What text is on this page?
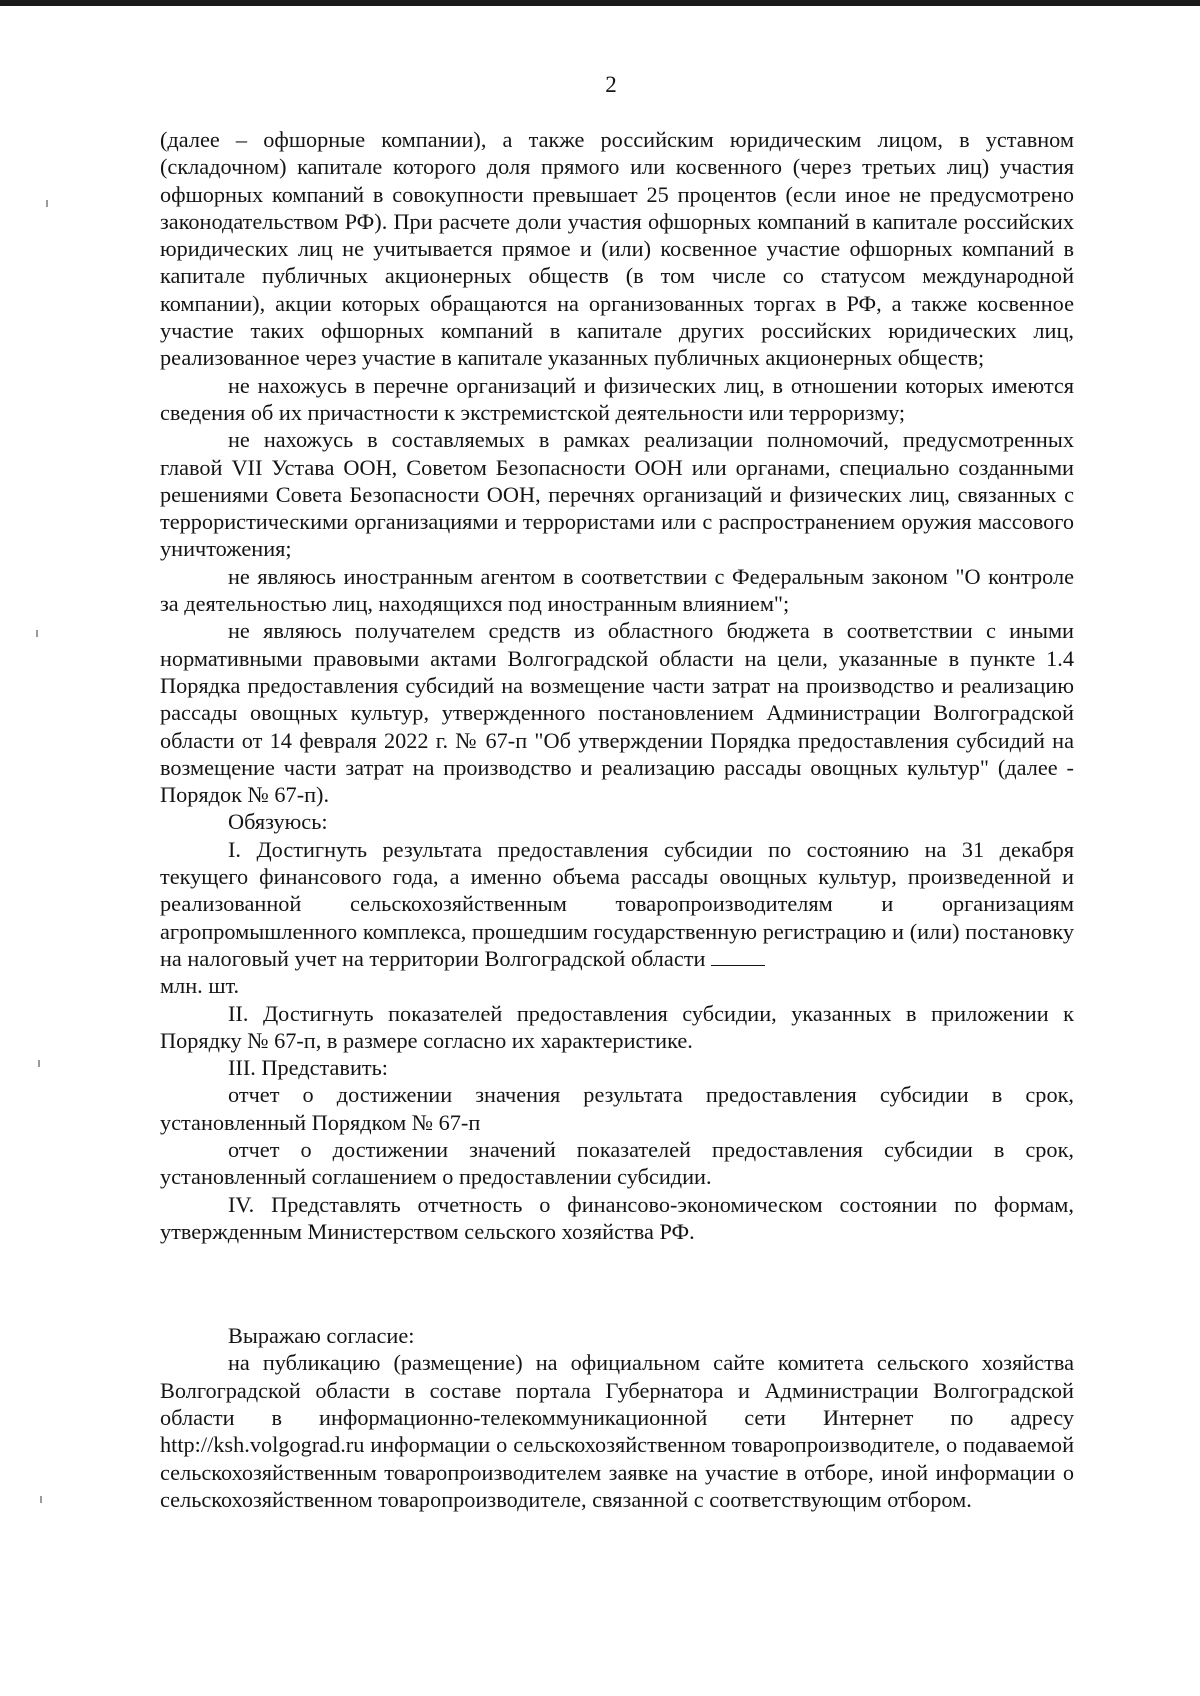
2

(далее – офшорные компании), а также российским юридическим лицом, в уставном (складочном) капитале которого доля прямого или косвенного (через третьих лиц) участия офшорных компаний в совокупности превышает 25 процентов (если иное не предусмотрено законодательством РФ). При расчете доли участия офшорных компаний в капитале российских юридических лиц не учитывается прямое и (или) косвенное участие офшорных компаний в капитале публичных акционерных обществ (в том числе со статусом международной компании), акции которых обращаются на организованных торгах в РФ, а также косвенное участие таких офшорных компаний в капитале других российских юридических лиц, реализованное через участие в капитале указанных публичных акционерных обществ;

не нахожусь в перечне организаций и физических лиц, в отношении которых имеются сведения об их причастности к экстремистской деятельности или терроризму;

не нахожусь в составляемых в рамках реализации полномочий, предусмотренных главой VII Устава ООН, Советом Безопасности ООН или органами, специально созданными решениями Совета Безопасности ООН, перечнях организаций и физических лиц, связанных с террористическими организациями и террористами или с распространением оружия массового уничтожения;

не являюсь иностранным агентом в соответствии с Федеральным законом "О контроле за деятельностью лиц, находящихся под иностранным влиянием";

не являюсь получателем средств из областного бюджета в соответствии с иными нормативными правовыми актами Волгоградской области на цели, указанные в пункте 1.4 Порядка предоставления субсидий на возмещение части затрат на производство и реализацию рассады овощных культур, утвержденного постановлением Администрации Волгоградской области от 14 февраля 2022 г. № 67-п "Об утверждении Порядка предоставления субсидий на возмещение части затрат на производство и реализацию рассады овощных культур" (далее - Порядок № 67-п).

Обязуюсь:

I. Достигнуть результата предоставления субсидии по состоянию на 31 декабря текущего финансового года, а именно объема рассады овощных культур, произведенной и реализованной сельскохозяйственным товаропроизводителям и организациям агропромышленного комплекса, прошедшим государственную регистрацию и (или) постановку на налоговый учет на территории Волгоградской области

млн. шт.

II. Достигнуть показателей предоставления субсидии, указанных в приложении к Порядку № 67-п, в размере согласно их характеристике.

III. Представить:

отчет о достижении значения результата предоставления субсидии в срок, установленный Порядком № 67-п

отчет о достижении значений показателей предоставления субсидии в срок, установленный соглашением о предоставлении субсидии.

IV. Представлять отчетность о финансово-экономическом состоянии по формам, утвержденным Министерством сельского хозяйства РФ.

Выражаю согласие:

на публикацию (размещение) на официальном сайте комитета сельского хозяйства Волгоградской области в составе портала Губернатора и Администрации Волгоградской области в информационно-телекоммуникационной сети Интернет по адресу http://ksh.volgograd.ru информации о сельскохозяйственном товаропроизводителе, о подаваемой сельскохозяйственным товаропроизводителем заявке на участие в отборе, иной информации о сельскохозяйственном товаропроизводителе, связанной с соответствующим отбором.
